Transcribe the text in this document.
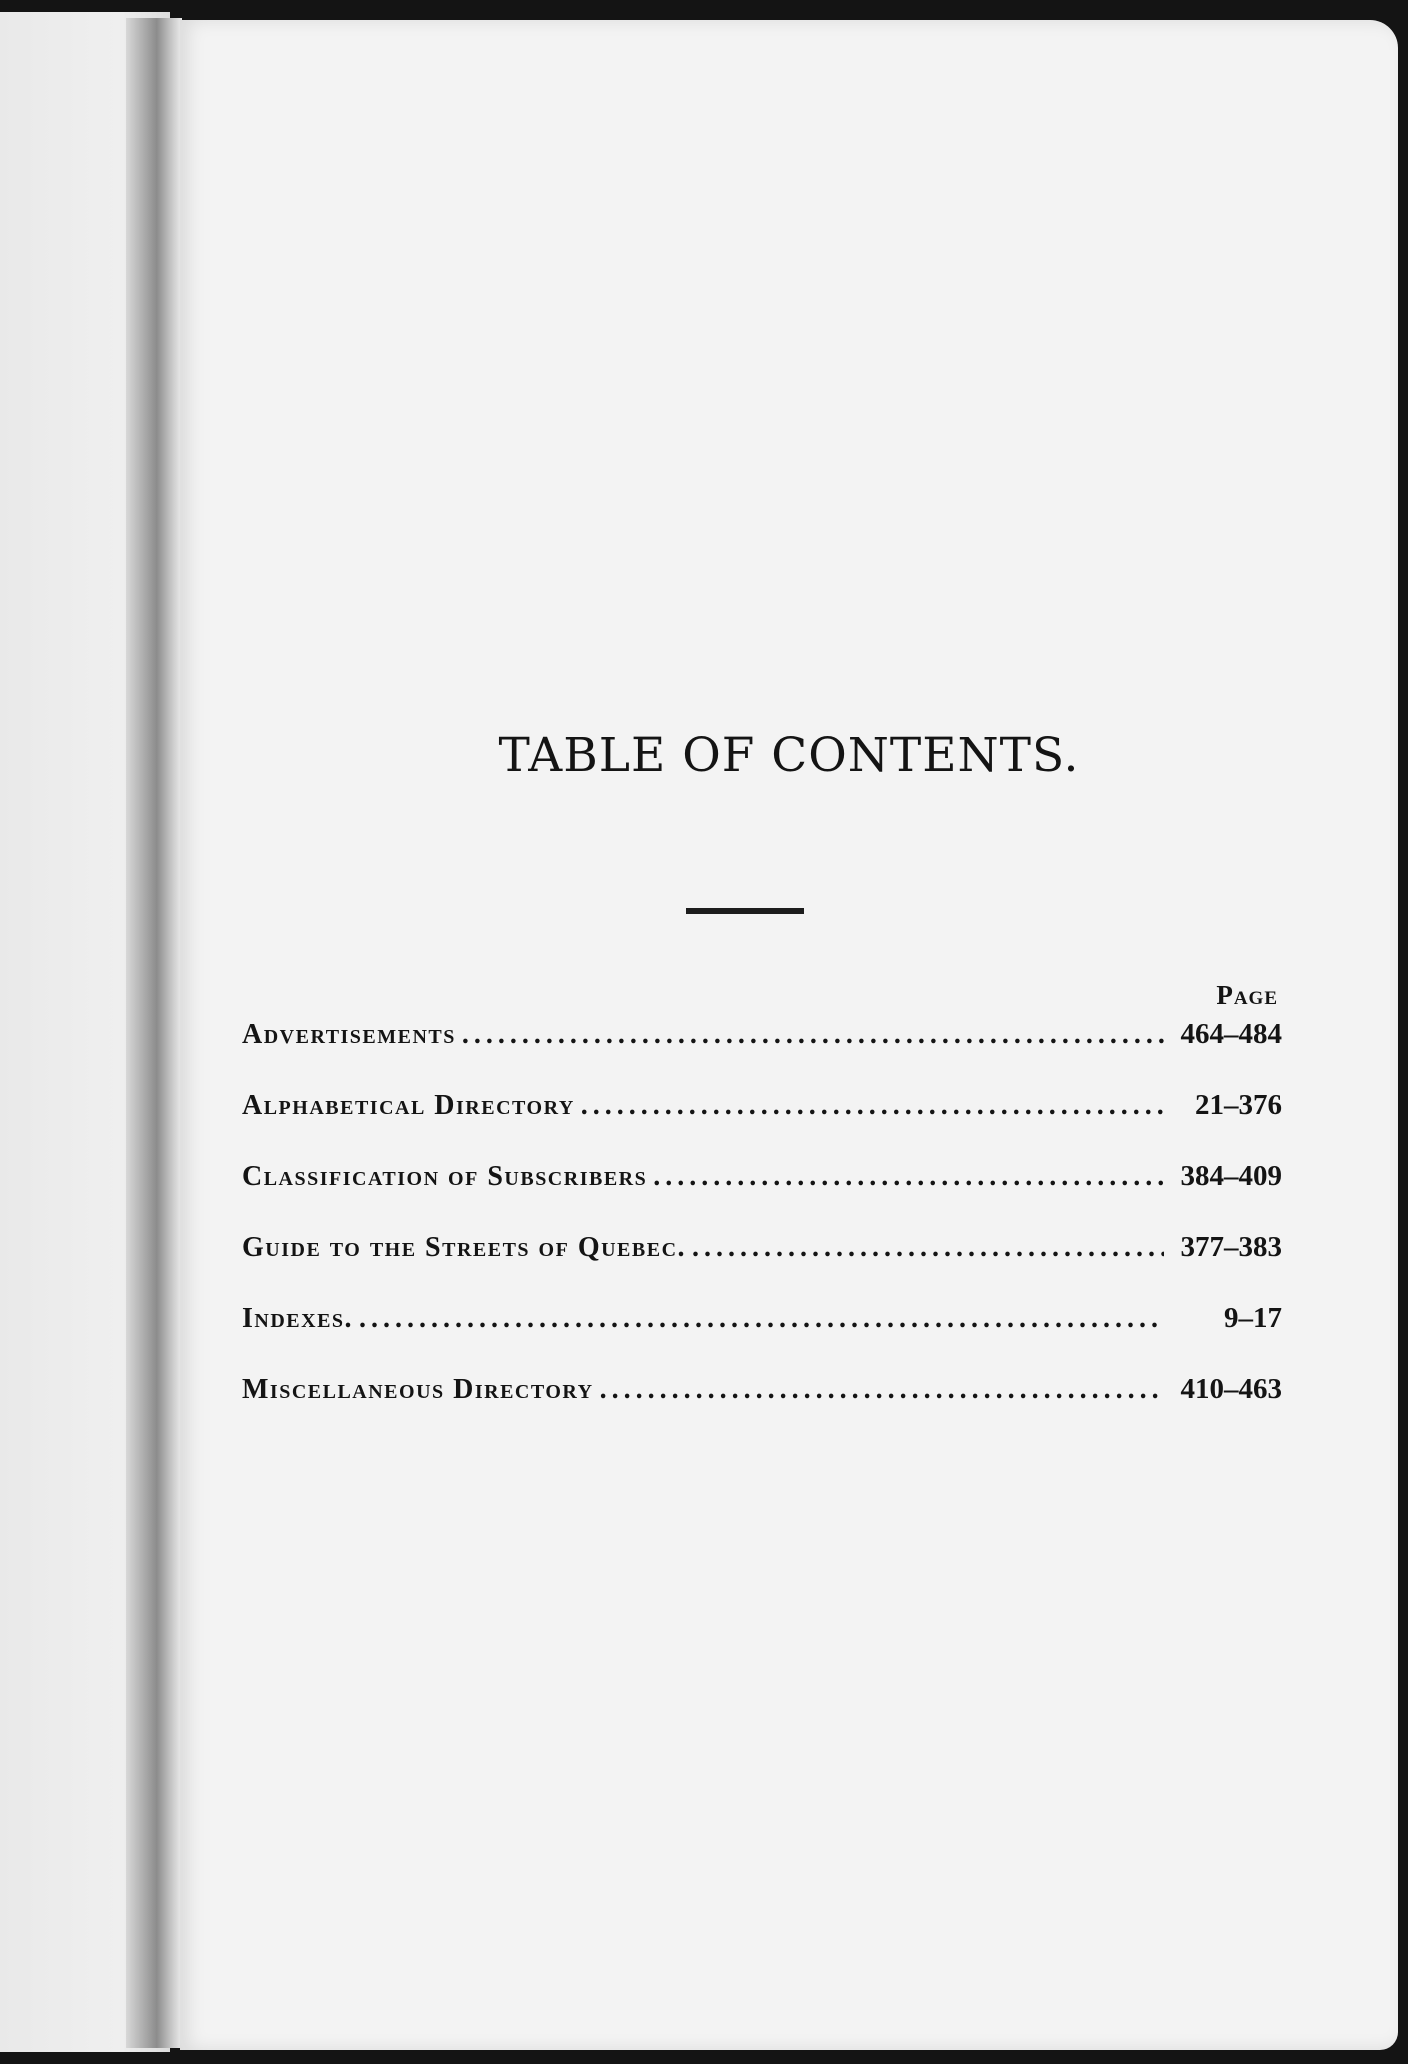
TABLE OF CONTENTS.
Page
Advertisements .....	464–484
Alphabetical Directory .....	21–376
Classification of Subscribers .....	384–409
Guide to the Streets of Quebec. .....	377–383
Indexes. .....	9–17
Miscellaneous Directory .....	410–463
